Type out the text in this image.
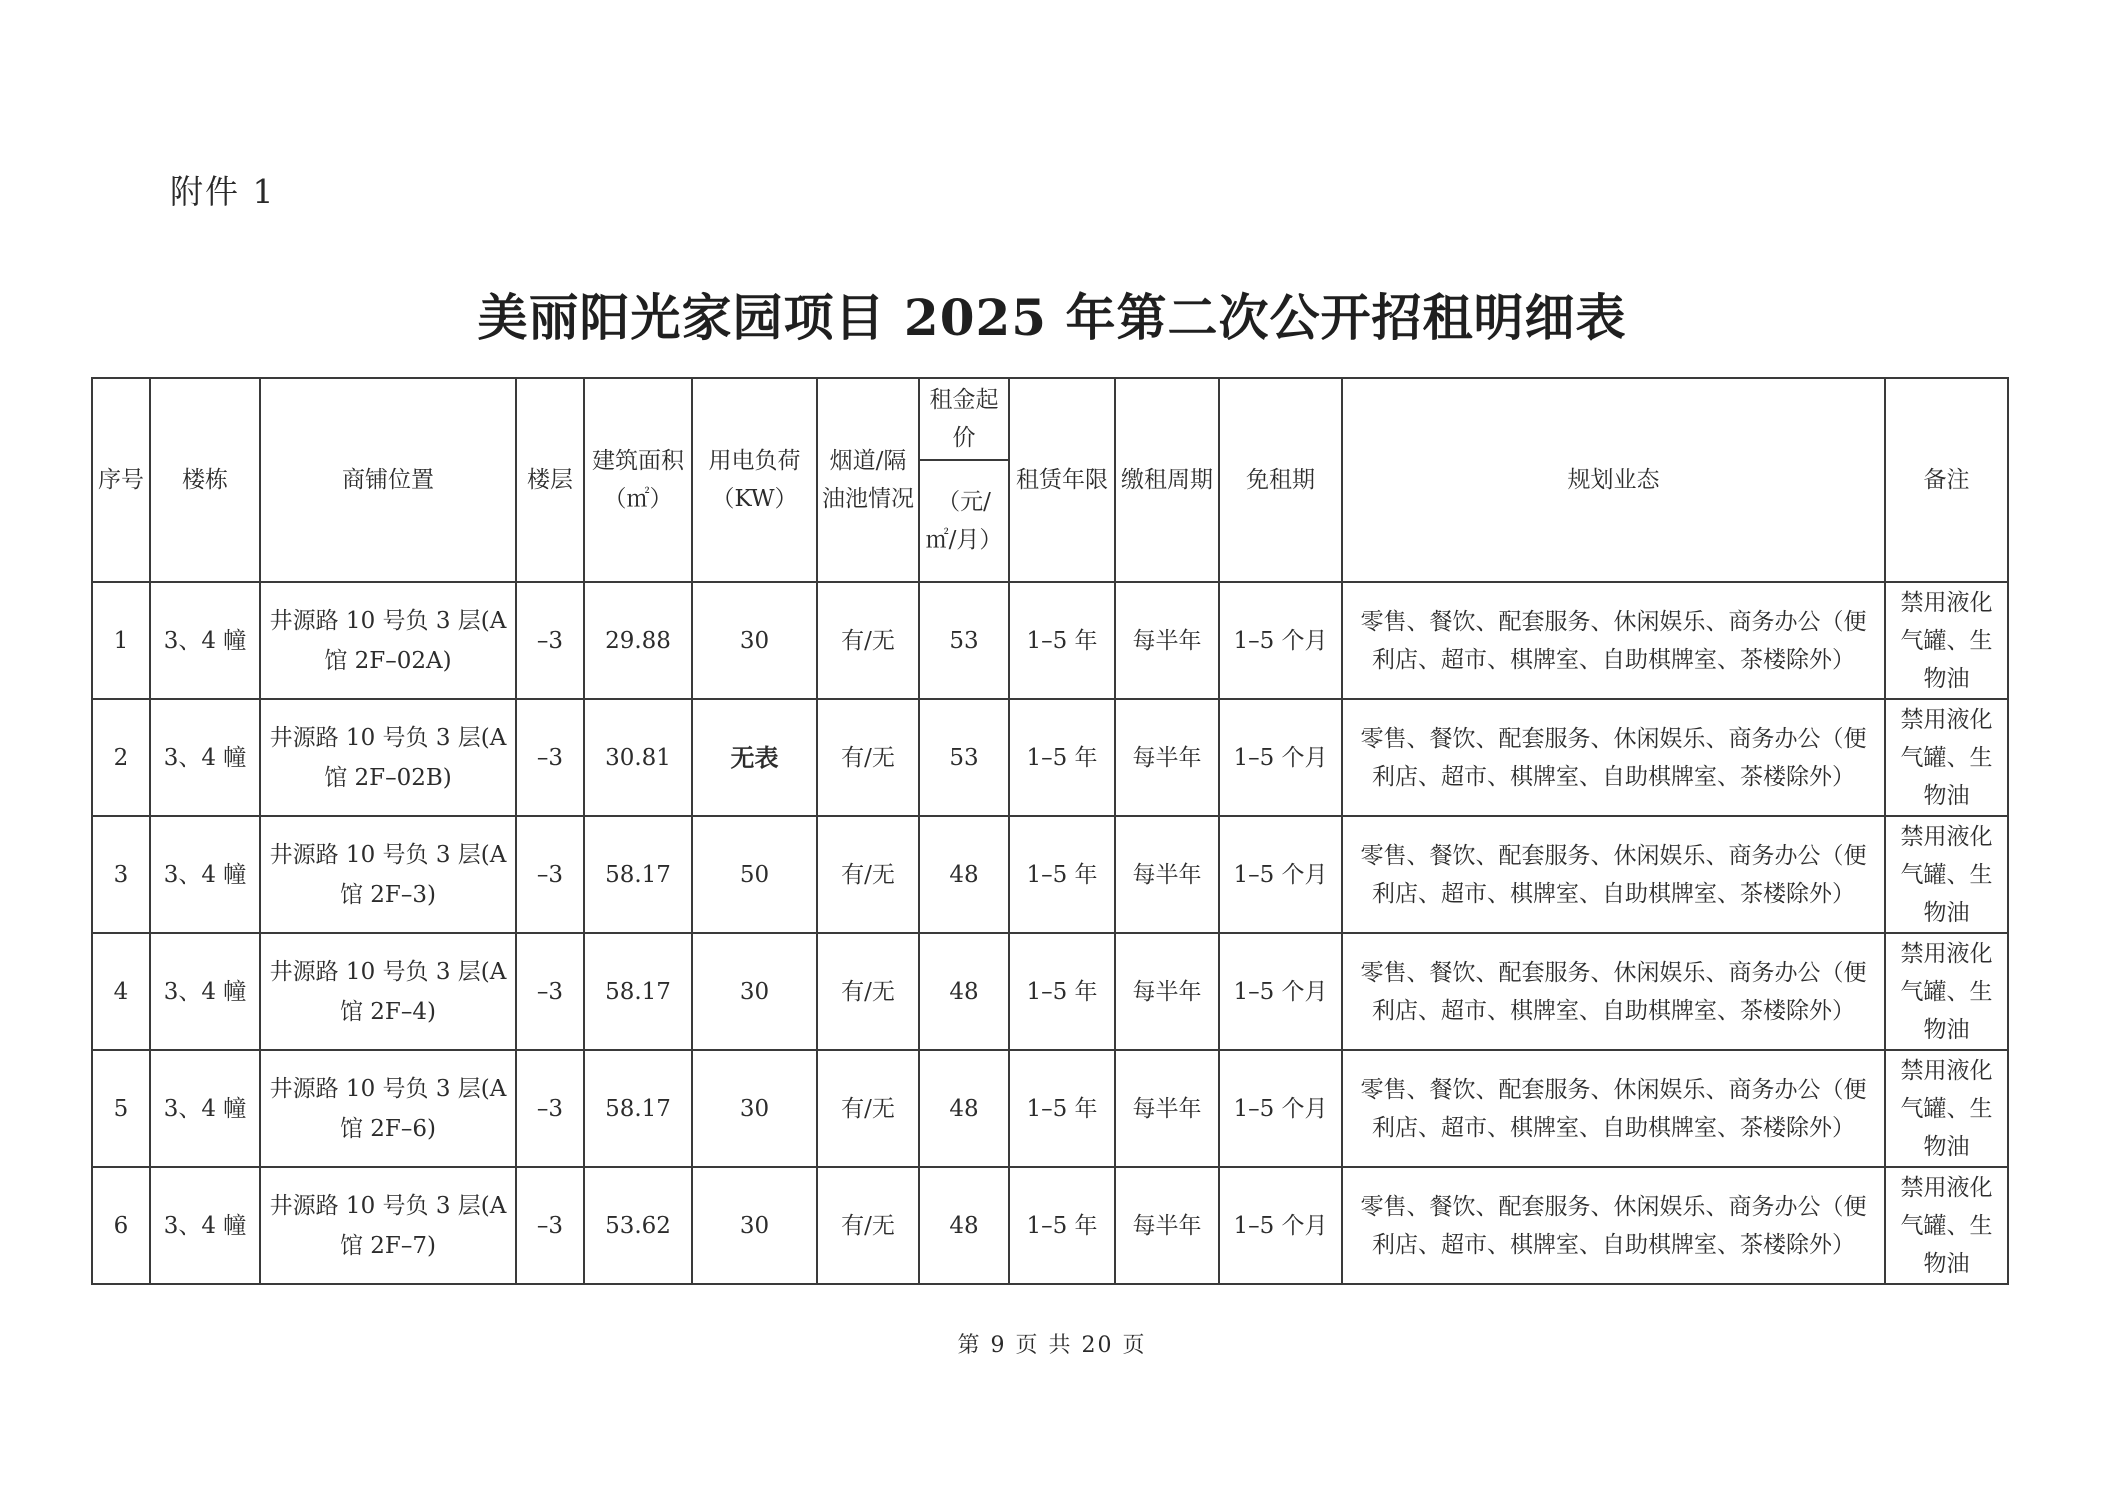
附件 1
美丽阳光家园项目 2025 年第二次公开招租明细表
序号	楼栋	商铺位置	楼层	建筑面积（㎡）	用电负荷（KW）	烟道/隔油池情况	租金起价	租赁年限	缴租周期	免租期	规划业态	备注
							（元/㎡/月）					
1	3、4 幢	井源路 10 号负 3 层(A 馆 2F–02A)	–3	29.88	30	有/无	53	1–5 年	每半年	1–5 个月	零售、餐饮、配套服务、休闲娱乐、商务办公（便利店、超市、棋牌室、自助棋牌室、茶楼除外）	禁用液化气罐、生物油
2	3、4 幢	井源路 10 号负 3 层(A 馆 2F–02B)	–3	30.81	无表	有/无	53	1–5 年	每半年	1–5 个月	零售、餐饮、配套服务、休闲娱乐、商务办公（便利店、超市、棋牌室、自助棋牌室、茶楼除外）	禁用液化气罐、生物油
3	3、4 幢	井源路 10 号负 3 层(A 馆 2F–3)	–3	58.17	50	有/无	48	1–5 年	每半年	1–5 个月	零售、餐饮、配套服务、休闲娱乐、商务办公（便利店、超市、棋牌室、自助棋牌室、茶楼除外）	禁用液化气罐、生物油
4	3、4 幢	井源路 10 号负 3 层(A 馆 2F–4)	–3	58.17	30	有/无	48	1–5 年	每半年	1–5 个月	零售、餐饮、配套服务、休闲娱乐、商务办公（便利店、超市、棋牌室、自助棋牌室、茶楼除外）	禁用液化气罐、生物油
5	3、4 幢	井源路 10 号负 3 层(A 馆 2F–6)	–3	58.17	30	有/无	48	1–5 年	每半年	1–5 个月	零售、餐饮、配套服务、休闲娱乐、商务办公（便利店、超市、棋牌室、自助棋牌室、茶楼除外）	禁用液化气罐、生物油
6	3、4 幢	井源路 10 号负 3 层(A 馆 2F–7)	–3	53.62	30	有/无	48	1–5 年	每半年	1–5 个月	零售、餐饮、配套服务、休闲娱乐、商务办公（便利店、超市、棋牌室、自助棋牌室、茶楼除外）	禁用液化气罐、生物油
第 9 页 共 20 页
